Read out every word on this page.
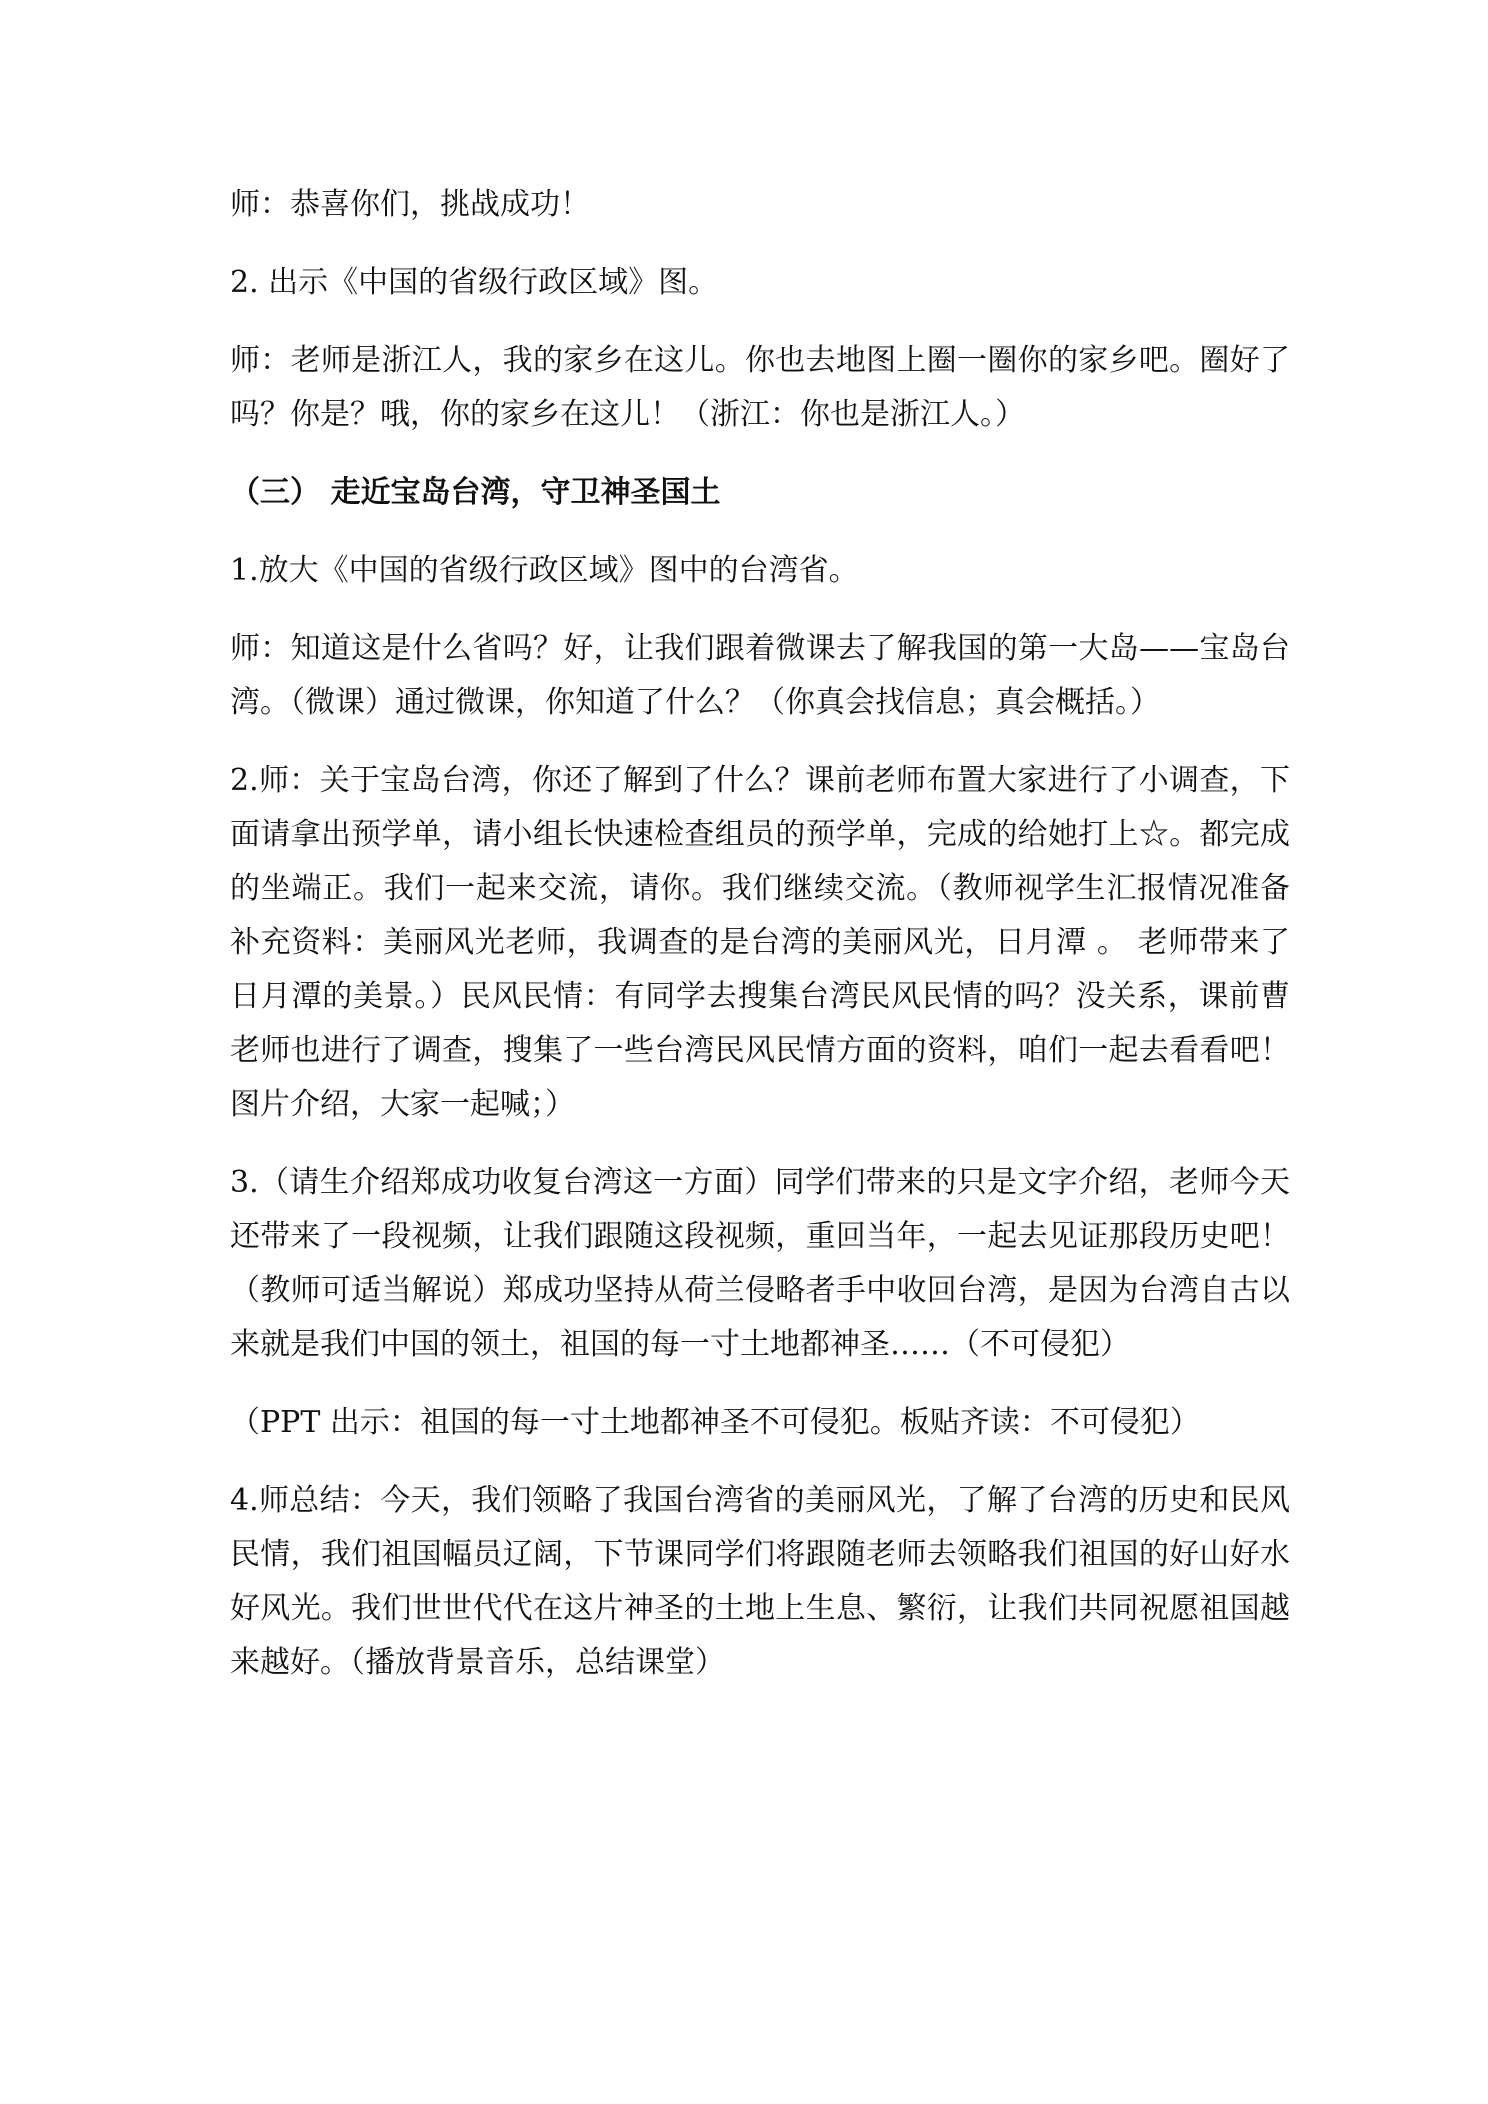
师：恭喜你们，挑战成功！

2. 出示《中国的省级行政区域》图。

师：老师是浙江人，我的家乡在这儿。你也去地图上圈一圈你的家乡吧。圈好了吗？你是？哦，你的家乡在这儿！（浙江：你也是浙江人。）

（三） 走近宝岛台湾，守卫神圣国土

1.放大《中国的省级行政区域》图中的台湾省。

师：知道这是什么省吗？好，让我们跟着微课去了解我国的第一大岛——宝岛台湾。（微课）通过微课，你知道了什么？（你真会找信息；真会概括。）

2.师：关于宝岛台湾，你还了解到了什么？课前老师布置大家进行了小调查，下面请拿出预学单，请小组长快速检查组员的预学单，完成的给她打上☆。都完成的坐端正。我们一起来交流，请你。我们继续交流。（教师视学生汇报情况准备补充资料：美丽风光老师，我调查的是台湾的美丽风光，日月潭 。 老师带来了日月潭的美景。）民风民情：有同学去搜集台湾民风民情的吗？没关系，课前曹老师也进行了调查，搜集了一些台湾民风民情方面的资料，咱们一起去看看吧！图片介绍，大家一起喊；）

3.（请生介绍郑成功收复台湾这一方面）同学们带来的只是文字介绍，老师今天还带来了一段视频，让我们跟随这段视频，重回当年，一起去见证那段历史吧！（教师可适当解说）郑成功坚持从荷兰侵略者手中收回台湾，是因为台湾自古以来就是我们中国的领土，祖国的每一寸土地都神圣……（不可侵犯）

（PPT 出示：祖国的每一寸土地都神圣不可侵犯。板贴齐读：不可侵犯）

4.师总结：今天，我们领略了我国台湾省的美丽风光，了解了台湾的历史和民风民情，我们祖国幅员辽阔，下节课同学们将跟随老师去领略我们祖国的好山好水好风光。我们世世代代在这片神圣的土地上生息、繁衍，让我们共同祝愿祖国越来越好。（播放背景音乐，总结课堂）
